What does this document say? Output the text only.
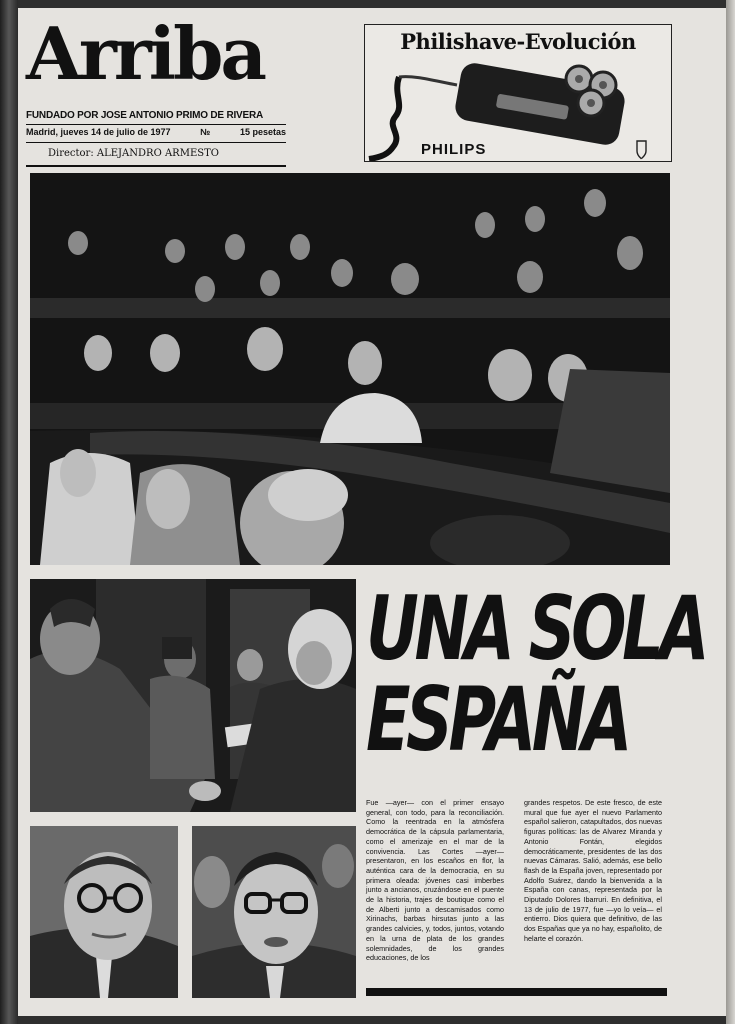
Arriba
FUNDADO POR JOSE ANTONIO PRIMO DE RIVERA
Madrid, jueves 14 de julio de 1977	№	15 pesetas
Director: ALEJANDRO ARMESTO
Philishave-Evolución
PHILIPS
UNA SOLA
ESPAÑA
Fue —ayer— con el primer ensayo general, con todo, para la reconciliación. Como la reentrada en la atmósfera democrática de la cápsula parlamentaria, como el amerizaje en el mar de la convivencia. Las Cortes —ayer— presentaron, en los escaños en flor, la auténtica cara de la democracia, en su primera oleada: jóvenes casi imberbes junto a ancianos, cruzándose en el puente de la historia, trajes de boutique como el de Alberti junto a descamisados como Xirinachs, barbas hirsutas junto a las grandes calvicies, y, todos, juntos, votando en la urna de plata de los grandes solemnidades, de los grandes educaciones, de los
grandes respetos. De este fresco, de este mural que fue ayer el nuevo Parlamento español salieron, catapultados, dos nuevas figuras políticas: las de Alvarez Miranda y Antonio Fontán, elegidos democráticamente, presidentes de las dos nuevas Cámaras. Salió, además, ese bello flash de la España joven, representado por Adolfo Suárez, dando la bienvenida a la España con canas, representada por la Diputado Dolores Ibarruri. En definitiva, el 13 de julio de 1977, fue —yo lo veía— el entierro. Dios quiera que definitivo, de las dos Españas que ya no hay, españolito, de helarte el corazón.
